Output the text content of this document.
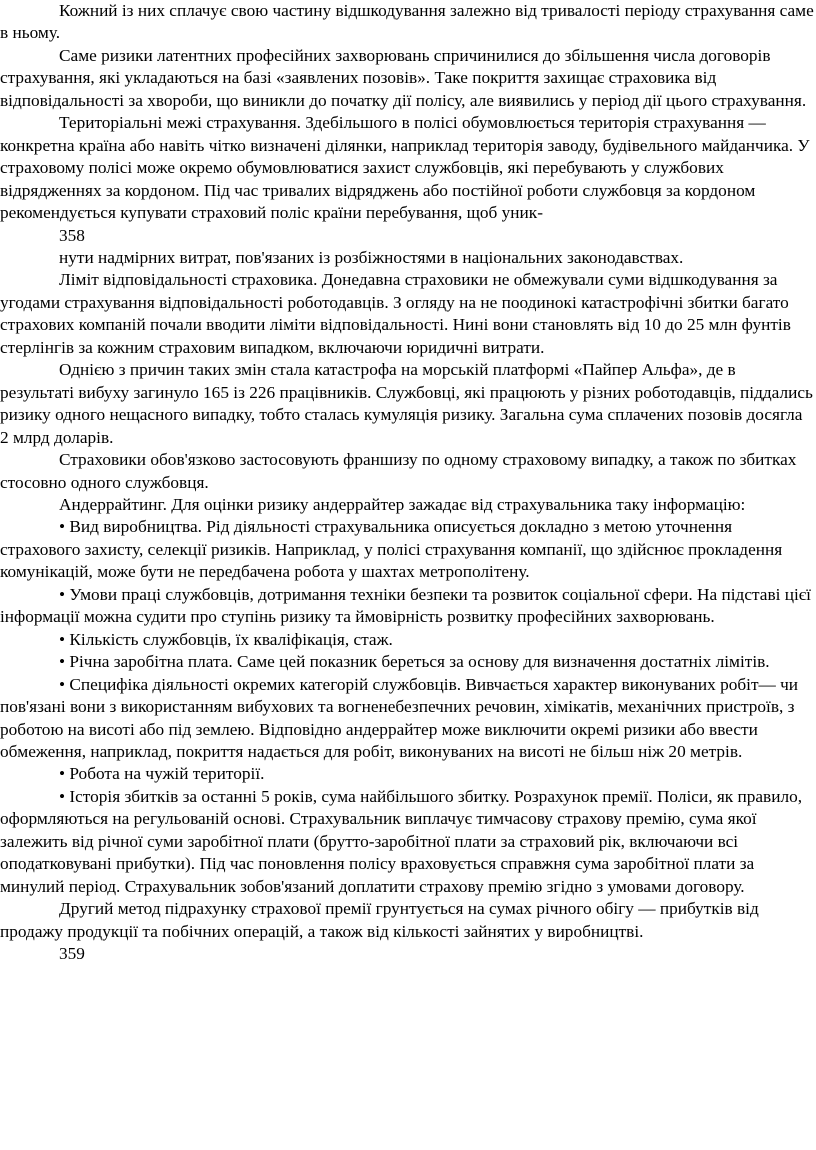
Кожний із них сплачує свою частину відшкодування залежно від тривалості періоду страхування саме в ньому.

Саме ризики латентних професійних захворювань спричинилися до збільшення числа договорів страхування, які укладаються на базі «заявлених позовів». Таке покриття захищає страховика від відповідальності за хвороби, що виникли до початку дії полісу, але виявились у період дії цього страхування.

Територіальні межі страхування. Здебільшого в полісі обумовлюється територія страхування — конкретна країна або навіть чітко визначені ділянки, наприклад територія заводу, будівельного майданчика. У страховому полісі може окремо обумовлюватися захист службовців, які перебувають у службових відрядженнях за кордоном. Під час тривалих відряджень або постійної роботи службовця за кордоном рекомендується купувати страховий поліс країни перебування, щоб уник-

358

нути надмірних витрат, пов'язаних із розбіжностями в національних законодавствах.

Ліміт відповідальності страховика. Донедавна страховики не обмежували суми відшкодування за угодами страхування відповідальності роботодавців. З огляду на не поодинокі катастрофічні збитки багато страхових компаній почали вводити ліміти відповідальності. Нині вони становлять від 10 до 25 млн фунтів стерлінгів за кожним страховим випадком, включаючи юридичні витрати.

Однією з причин таких змін стала катастрофа на морській платформі «Пайпер Альфа», де в результаті вибуху загинуло 165 із 226 працівників. Службовці, які працюють у різних роботодавців, піддались ризику одного нещасного випадку, тобто сталась кумуляція ризику. Загальна сума сплачених позовів досягла 2 млрд доларів.

Страховики обов'язково застосовують франшизу по одному страховому випадку, а також по збитках стосовно одного службовця.

Андеррайтинг. Для оцінки ризику андеррайтер зажадає від страхувальника таку інформацію:

• Вид виробництва. Рід діяльності страхувальника описується докладно з метою уточнення страхового захисту, селекції ризиків. Наприклад, у полісі страхування компанії, що здійснює прокладення комунікацій, може бути не передбачена робота у шахтах метрополітену.

• Умови праці службовців, дотримання техніки безпеки та розвиток соціальної сфери. На підставі цієї інформації можна судити про ступінь ризику та ймовірність розвитку професійних захворювань.

• Кількість службовців, їх кваліфікація, стаж.

• Річна заробітна плата. Саме цей показник береться за основу для визначення достатніх лімітів.

• Специфіка діяльності окремих категорій службовців. Вивчається характер виконуваних робіт— чи пов'язані вони з використанням вибухових та вогненебезпечних речовин, хімікатів, механічних пристроїв, з роботою на висоті або під землею. Відповідно андеррайтер може виключити окремі ризики або ввести обмеження, наприклад, покриття надається для робіт, виконуваних на висоті не більш ніж 20 метрів.

• Робота на чужій території.

• Історія збитків за останні 5 років, сума найбільшого збитку. Розрахунок премії. Поліси, як правило, оформляються на регульованій основі. Страхувальник виплачує тимчасову страхову премію, сума якої залежить від річної суми заробітної плати (брутто-заробітної плати за страховий рік, включаючи всі оподатковувані прибутки). Під час поновлення полісу враховується справжня сума заробітної плати за минулий період. Страхувальник зобов'язаний доплатити страхову премію згідно з умовами договору.

Другий метод підрахунку страхової премії грунтується на сумах річного обігу — прибутків від продажу продукції та побічних операцій, а також від кількості зайнятих у виробництві.

359
